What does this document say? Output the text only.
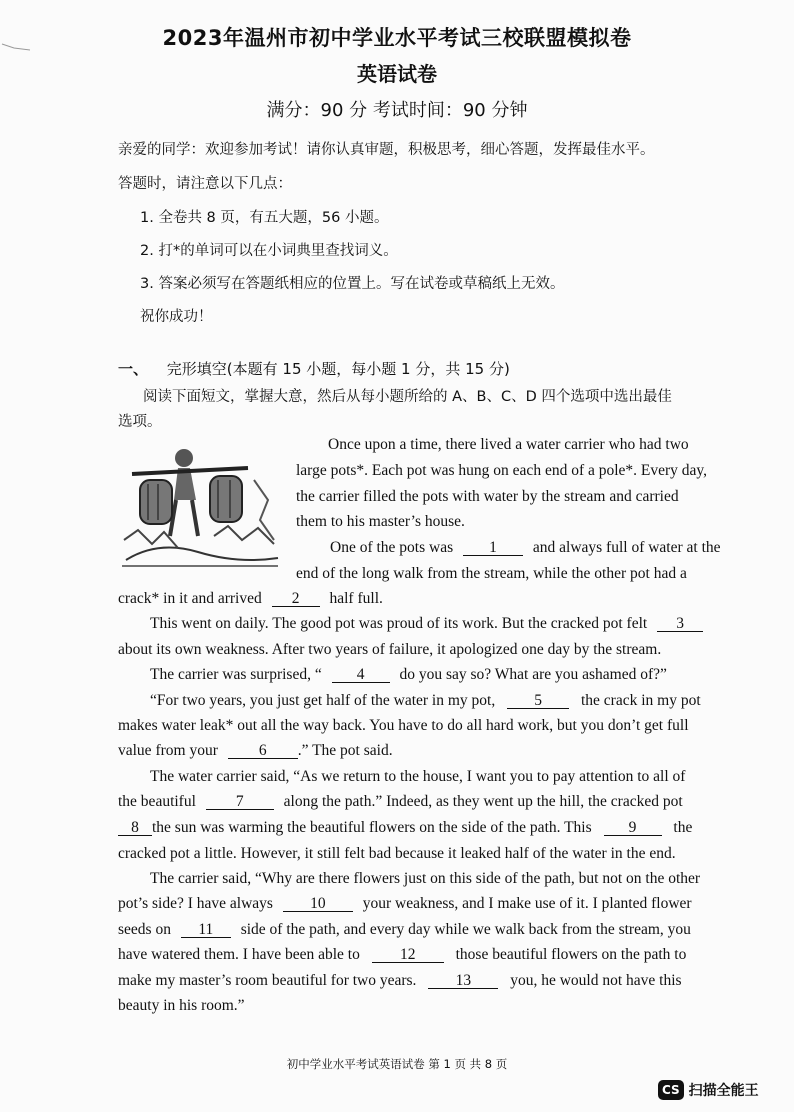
2023年温州市初中学业水平考试三校联盟模拟卷
英语试卷
满分：90 分 考试时间：90 分钟
亲爱的同学：欢迎参加考试！请你认真审题，积极思考，细心答题，发挥最佳水平。
答题时，请注意以下几点：
1. 全卷共 8 页，有五大题，56 小题。
2. 打*的单词可以在小词典里查找词义。
3. 答案必须写在答题纸相应的位置上。写在试卷或草稿纸上无效。
祝你成功！
一、 完形填空(本题有 15 小题，每小题 1 分，共 15 分)
阅读下面短文，掌握大意，然后从每小题所给的 A、B、C、D 四个选项中选出最佳
选项。
Once upon a time, there lived a water carrier who had two
large pots*. Each pot was hung on each end of a pole*. Every day,
the carrier filled the pots with water by the stream and carried
them to his master’s house.
One of the pots was 1 and always full of water at the
end of the long walk from the stream, while the other pot had a
crack* in it and arrived 2 half full.
This went on daily. The good pot was proud of its work. But the cracked pot felt 3
about its own weakness. After two years of failure, it apologized one day by the stream.
The carrier was surprised, “ 4 do you say so? What are you ashamed of?”
“For two years, you just get half of the water in my pot,	5	the crack in my pot
makes water leak* out all the way back. You have to do all hard work, but you don’t get full
value from your	6 .” The pot said.
The water carrier said, “As we return to the house, I want you to pay attention to all of
the beautiful	7	along the path.” Indeed, as they went up the hill, the cracked pot
8 the sun was warming the beautiful flowers on the side of the path. This 9 the
cracked pot a little. However, it still felt bad because it leaked half of the water in the end.
The carrier said, “Why are there flowers just on this side of the path, but not on the other
pot’s side? I have always 10 your weakness, and I make use of it. I planted flower
seeds on 11 side of the path, and every day while we walk back from the stream, you
have watered them. I have been able to	12	those beautiful flowers on the path to
make my master’s room beautiful for two years.	13	you, he would not have this
beauty in his room.”
初中学业水平考试英语试卷 第 1 页 共 8 页
CS 扫描全能王
